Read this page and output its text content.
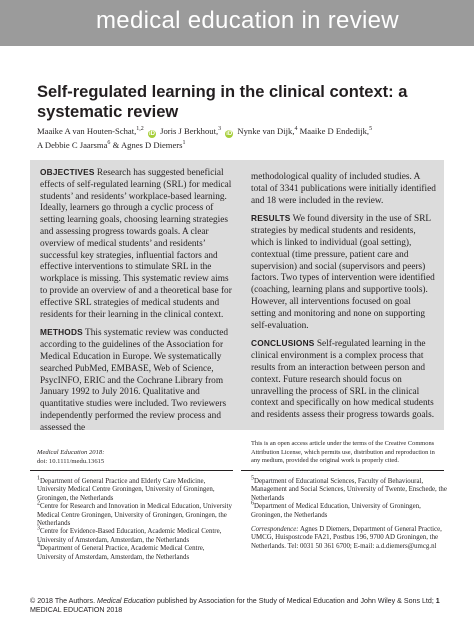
medical education in review
Self-regulated learning in the clinical context: a systematic review
Maaike A van Houten-Schat,$^{1,2}$ iD Joris J Berkhout,$^3$ iD Nynke van Dijk,$^4$ Maaike D Endedijk,$^5$
A Debbie C Jaarsma$^6$ & Agnes D Diemers$^1$

OBJECTIVES Research has suggested beneficial effects of self-regulated learning (SRL) for medical students’ and residents’ workplace-based learning. Ideally, learners go through a cyclic process of setting learning goals, choosing learning strategies and assessing progress towards goals. A clear overview of medical students’ and residents’ successful key strategies, influential factors and effective interventions to stimulate SRL in the workplace is missing. This systematic review aims to provide an overview of and a theoretical base for effective SRL strategies of medical students and residents for their learning in the clinical context.

METHODS This systematic review was conducted according to the guidelines of the Association for Medical Education in Europe. We systematically searched PubMed, EMBASE, Web of Science, PsycINFO, ERIC and the Cochrane Library from January 1992 to July 2016. Qualitative and quantitative studies were included. Two reviewers independently performed the review process and assessed the

methodological quality of included studies. A total of 3341 publications were initially identified and 18 were included in the review.

RESULTS We found diversity in the use of SRL strategies by medical students and residents, which is linked to individual (goal setting), contextual (time pressure, patient care and supervision) and social (supervisors and peers) factors. Two types of intervention were identified (coaching, learning plans and supportive tools). However, all interventions focused on goal setting and monitoring and none on supporting self-evaluation.

CONCLUSIONS Self-regulated learning in the clinical environment is a complex process that results from an interaction between person and context. Future research should focus on unravelling the process of SRL in the clinical context and specifically on how medical students and residents assess their progress towards goals.

Medical Education 2018:
doi: 10.1111/medu.13615
This is an open access article under the terms of the Creative Commons Attribution License, which permits use, distribution and reproduction in any medium, provided the original work is properly cited.

$^1$Department of General Practice and Elderly Care Medicine, University Medical Centre Groningen, University of Groningen, Groningen, the Netherlands

$^2$Centre for Research and Innovation in Medical Education, University Medical Centre Groningen, University of Groningen, Groningen, the Netherlands

$^3$Centre for Evidence-Based Education, Academic Medical Centre, University of Amsterdam, Amsterdam, the Netherlands

$^4$Department of General Practice, Academic Medical Centre, University of Amsterdam, Amsterdam, the Netherlands

$^5$Department of Educational Sciences, Faculty of Behavioural, Management and Social Sciences, University of Twente, Enschede, the Netherlands

$^6$Department of Medical Education, University of Groningen, Groningen, the Netherlands

Correspondence: Agnes D Diemers, Department of General Practice, UMCG, Huispostcode FA21, Postbus 196, 9700 AD Groningen, the Netherlands. Tel: 0031 50 361 6700; E-mail: a.d.diemers@umcg.nl

© 2018 The Authors. Medical Education published by Association for the Study of Medical Education and John Wiley & Sons Ltd; 1
MEDICAL EDUCATION 2018
